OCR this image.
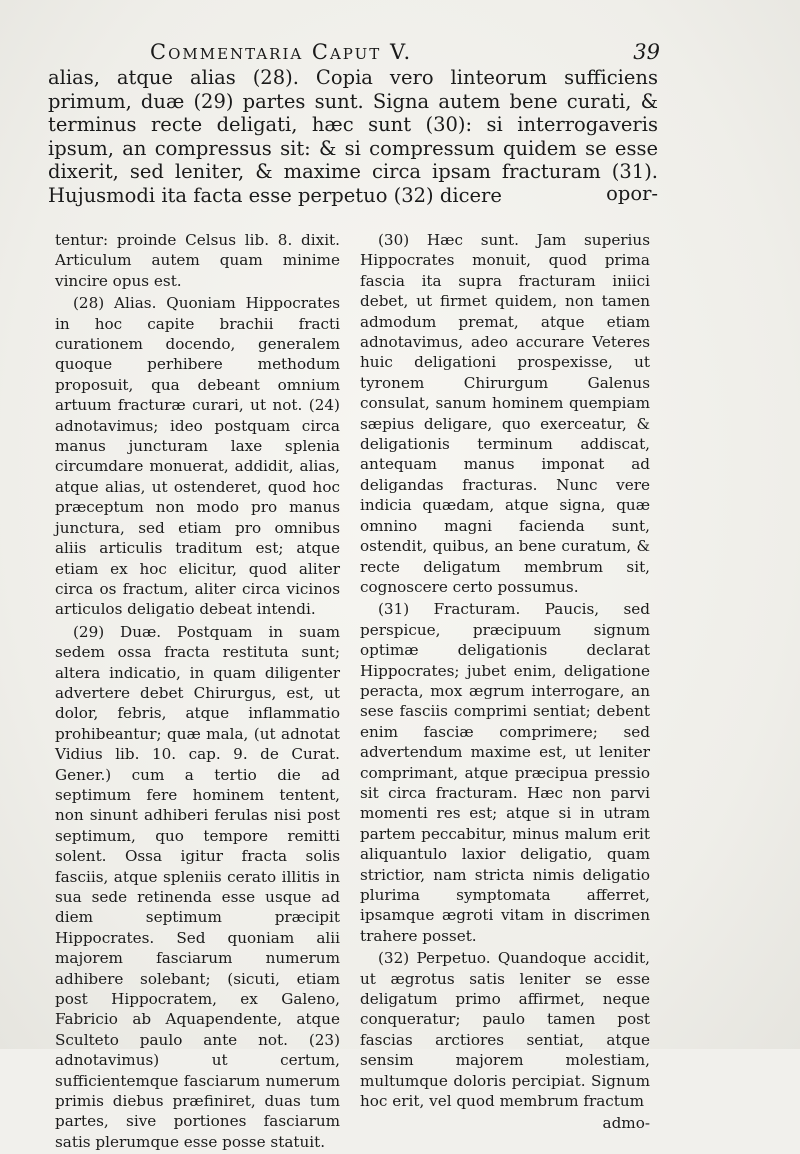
Commentaria Caput V.	39

alias, atque alias (28). Copia vero linteorum sufficiens primum, duæ (29) partes sunt. Signa autem bene curati, & terminus recte deligati, hæc sunt (30): si interrogaveris ipsum, an compressus sit: & si compressum quidem se esse dixerit, sed leniter, & maxime circa ipsam fracturam (31). Hujusmodi ita facta esse perpetuo (32) dicere	opor-

tentur: proinde Celsus lib. 8. dixit. Articulum autem quam minime vincire opus est.

(28) Alias. Quoniam Hippocrates in hoc capite brachii fracti curationem docendo, generalem quoque perhibere methodum proposuit, qua debeant omnium artuum fracturæ curari, ut not. (24) adnotavimus; ideo postquam circa manus juncturam laxe splenia circumdare monuerat, addidit, alias, atque alias, ut ostenderet, quod hoc præceptum non modo pro manus junctura, sed etiam pro omnibus aliis articulis traditum est; atque etiam ex hoc elicitur, quod aliter circa os fractum, aliter circa vicinos articulos deligatio debeat intendi.

(29) Duæ. Postquam in suam sedem ossa fracta restituta sunt; altera indicatio, in quam diligenter advertere debet Chirurgus, est, ut dolor, febris, atque inflammatio prohibeantur; quæ mala, (ut adnotat Vidius lib. 10. cap. 9. de Curat. Gener.) cum a tertio die ad septimum fere hominem tentent, non sinunt adhiberi ferulas nisi post septimum, quo tempore remitti solent. Ossa igitur fracta solis fasciis, atque spleniis cerato illitis in sua sede retinenda esse usque ad diem septimum præcipit Hippocrates. Sed quoniam alii majorem fasciarum numerum adhibere solebant; (sicuti, etiam post Hippocratem, ex Galeno, Fabricio ab Aquapendente, atque Sculteto paulo ante not. (23) adnotavimus) ut certum, sufficientemque fasciarum numerum primis diebus præfiniret, duas tum partes, sive portiones fasciarum satis plerumque esse posse statuit.

(30) Hæc sunt. Jam superius Hippocrates monuit, quod prima fascia ita supra fracturam iniici debet, ut firmet quidem, non tamen admodum premat, atque etiam adnotavimus, adeo accurare Veteres huic deligationi prospexisse, ut tyronem Chirurgum Galenus consulat, sanum hominem quempiam sæpius deligare, quo exerceatur, & deligationis terminum addiscat, antequam manus imponat ad deligandas fracturas. Nunc vere indicia quædam, atque signa, quæ omnino magni facienda sunt, ostendit, quibus, an bene curatum, & recte deligatum membrum sit, cognoscere certo possumus.

(31) Fracturam. Paucis, sed perspicue, præcipuum signum optimæ deligationis declarat Hippocrates; jubet enim, deligatione peracta, mox ægrum interrogare, an sese fasciis comprimi sentiat; debent enim fasciæ comprimere; sed advertendum maxime est, ut leniter comprimant, atque præcipua pressio sit circa fracturam. Hæc non parvi momenti res est; atque si in utram partem peccabitur, minus malum erit aliquantulo laxior deligatio, quam strictior, nam stricta nimis deligatio plurima symptomata afferret, ipsamque ægroti vitam in discrimen trahere posset.

(32) Perpetuo. Quandoque accidit, ut ægrotus satis leniter se esse deligatum primo affirmet, neque conqueratur; paulo tamen post fascias arctiores sentiat, atque sensim majorem molestiam, multumque doloris percipiat. Signum hoc erit, vel quod membrum fractum

admo-
